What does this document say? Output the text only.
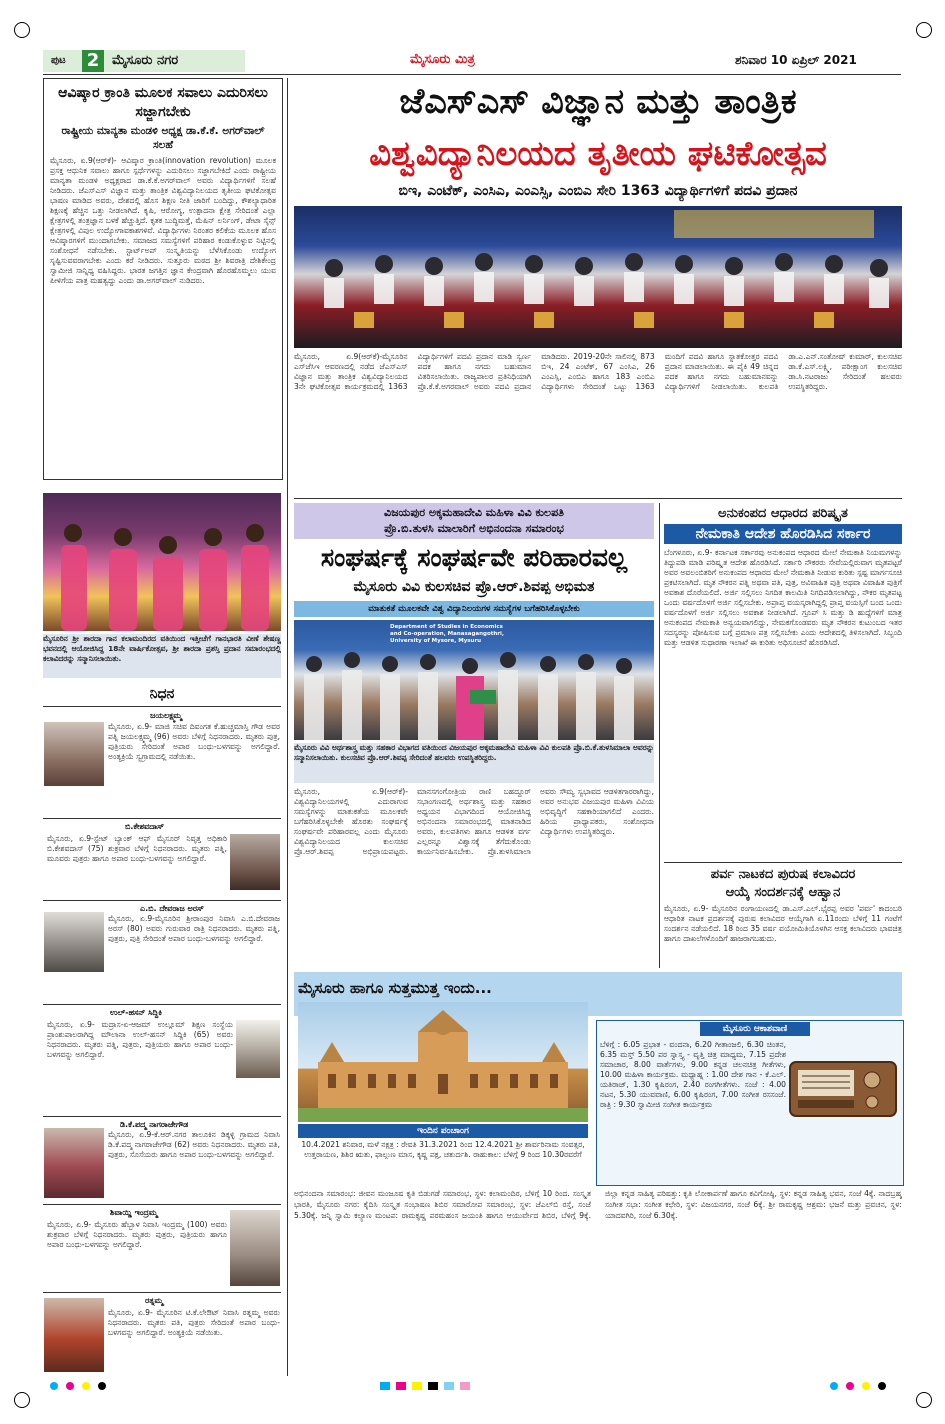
ಪುಟ 2 ಮೈಸೂರು ನಗರ	ಮೈಸೂರು ಮಿತ್ರ	ಶನಿವಾರ 10 ಏಪ್ರಿಲ್ 2021
ಆವಿಷ್ಕಾರ ಕ್ರಾಂತಿ ಮೂಲಕ ಸವಾಲು ಎದುರಿಸಲು ಸಜ್ಜಾಗಬೇಕು
ರಾಷ್ಟ್ರೀಯ ಮಾನ್ಯತಾ ಮಂಡಳಿ ಅಧ್ಯಕ್ಷ ಡಾ.ಕೆ.ಕೆ. ಅಗರ್‌ವಾಲ್ ಸಲಹೆ
ಮೈಸೂರು, ಏ.9(ಆರ್‌ಕೆ)- ಆವಿಷ್ಕಾರ ಕ್ರಾಂತಿ(innovation revolution) ಮೂಲಕ ಪ್ರಸಕ್ತ ಆಧುನಿಕ ಸವಾಲು ಹಾಗೂ ಸ್ಪರ್ಧೆಗಳನ್ನು ಎದುರಿಸಲು ಸಜ್ಜಾಗಬೇಕಿದೆ ಎಂದು ರಾಷ್ಟ್ರೀಯ ಮಾನ್ಯತಾ ಮಂಡಳಿ ಅಧ್ಯಕ್ಷರಾದ ಡಾ.ಕೆ.ಕೆ.ಅಗರ್‌ವಾಲ್ ಅವರು ವಿದ್ಯಾರ್ಥಿಗಳಿಗೆ ಸಲಹೆ ನೀಡಿದರು. ಜೆಎಸ್‌ಎಸ್ ವಿಜ್ಞಾನ ಮತ್ತು ತಾಂತ್ರಿಕ ವಿಶ್ವವಿದ್ಯಾನಿಲಯದ ತೃತೀಯ ಘಟಿಕೋತ್ಸವ ಭಾಷಣ ಮಾಡಿದ ಅವರು, ದೇಶದಲ್ಲಿ ಹೊಸ ಶಿಕ್ಷಣ ನೀತಿ ಜಾರಿಗೆ ಬಂದಿದ್ದು, ಕೌಶಲ್ಯಾಧಾರಿತ ಶಿಕ್ಷಣಕ್ಕೆ ಹೆಚ್ಚಿನ ಒತ್ತು ನೀಡಲಾಗಿದೆ. ಕೃಷಿ, ಆರೋಗ್ಯ, ಉತ್ಪಾದನಾ ಕ್ಷೇತ್ರ ಸೇರಿದಂತೆ ಎಲ್ಲಾ ಕ್ಷೇತ್ರಗಳಲ್ಲಿ ತಂತ್ರಜ್ಞಾನ ಬಳಕೆ ಹೆಚ್ಚುತ್ತಿದೆ. ಕೃತಕ ಬುದ್ಧಿಮತ್ತೆ, ಮೆಷಿನ್ ಲರ್ನಿಂಗ್, ಡೇಟಾ ಸೈನ್ಸ್ ಕ್ಷೇತ್ರಗಳಲ್ಲಿ ವಿಪುಲ ಉದ್ಯೋಗಾವಕಾಶಗಳಿವೆ. ವಿದ್ಯಾರ್ಥಿಗಳು ನಿರಂತರ ಕಲಿಕೆಯ ಮೂಲಕ ಹೊಸ ಆವಿಷ್ಕಾರಗಳಿಗೆ ಮುಂದಾಗಬೇಕು. ಸಮಾಜದ ಸಮಸ್ಯೆಗಳಿಗೆ ಪರಿಹಾರ ಕಂಡುಕೊಳ್ಳುವ ನಿಟ್ಟಿನಲ್ಲಿ ಸಂಶೋಧನೆ ನಡೆಸಬೇಕು. ಸ್ಟಾರ್ಟ್‌ಅಪ್ ಸಂಸ್ಕೃತಿಯನ್ನು ಬೆಳೆಸಿಕೊಂಡು ಉದ್ಯೋಗ ಸೃಷ್ಟಿಸುವವರಾಗಬೇಕು ಎಂದು ಕರೆ ನೀಡಿದರು. ಸುತ್ತೂರು ಮಠದ ಶ್ರೀ ಶಿವರಾತ್ರಿ ದೇಶಿಕೇಂದ್ರ ಸ್ವಾಮೀಜಿ ಸಾನ್ನಿಧ್ಯ ವಹಿಸಿದ್ದರು. ಭಾರತ ಜಗತ್ತಿನ ಜ್ಞಾನ ಕೇಂದ್ರವಾಗಿ ಹೊರಹೊಮ್ಮಲು ಯುವ ಪೀಳಿಗೆಯ ಪಾತ್ರ ಮಹತ್ವದ್ದು ಎಂದು ಡಾ.ಅಗರ್‌ವಾಲ್ ನುಡಿದರು.
ಮೈಸೂರಿನ ಶ್ರೀ ಶಾರದಾ ಗಾನ ಕಲಾಮಂದಿರದ ವತಿಯಿಂದ ಇತ್ತೀಚೆಗೆ ಗಾನಭಾರತಿ ವೀಣೆ ಶೇಷಣ್ಣ ಭವನದಲ್ಲಿ ಆಯೋಜಿಸಿದ್ದ 18ನೇ ವಾರ್ಷಿಕೋತ್ಸವ, ಶ್ರೀ ಶಾರದಾ ಪ್ರಶಸ್ತಿ ಪ್ರದಾನ ಸಮಾರಂಭದಲ್ಲಿ ಕಲಾವಿದರನ್ನು ಸನ್ಮಾನಿಸಲಾಯಿತು.
ನಿಧನ
ಜಯಲಕ್ಷ್ಮಮ್ಮ
ಮೈಸೂರು, ಏ.9- ಮಾಜಿ ಸಚಿವ ದಿವಂಗತ ಕೆ.ಹುಚ್ಚಮಾಸ್ತಿ ಗೌಡ ಅವರ ಪತ್ನಿ ಜಯಲಕ್ಷ್ಮಮ್ಮ (96) ಅವರು ಬೆಳಿಗ್ಗೆ ನಿಧನರಾದರು. ಮೃತರು ಪುತ್ರ, ಪುತ್ರಿಯರು ಸೇರಿದಂತೆ ಅಪಾರ ಬಂಧು-ಬಳಗವನ್ನು ಅಗಲಿದ್ದಾರೆ. ಅಂತ್ಯಕ್ರಿಯೆ ಸ್ವಗ್ರಾಮದಲ್ಲಿ ನಡೆಯಿತು.
ಬಿ.ಕೇಶವದಾಸ್
ಮೈಸೂರು, ಏ.9-ಸ್ಟೇಟ್ ಬ್ಯಾಂಕ್ ಆಫ್ ಮೈಸೂರ್ ನಿವೃತ್ತ ಅಧಿಕಾರಿ ಬಿ.ಕೇಶವದಾಸ್ (75) ಶುಕ್ರವಾರ ಬೆಳಿಗ್ಗೆ ನಿಧನರಾದರು. ಮೃತರು ಪತ್ನಿ, ಮೂವರು ಪುತ್ರರು ಹಾಗೂ ಅಪಾರ ಬಂಧು-ಬಳಗವನ್ನು ಅಗಲಿದ್ದಾರೆ.
ಎ.ಬಿ. ದೇವರಾಜ ಅರಸ್
ಮೈಸೂರು, ಏ.9-ಮೈಸೂರಿನ ಶ್ರೀರಾಂಪುರ ನಿವಾಸಿ ಎ.ಬಿ.ದೇವರಾಜ ಅರಸ್ (80) ಅವರು ಗುರುವಾರ ರಾತ್ರಿ ನಿಧನರಾದರು. ಮೃತರು ಪತ್ನಿ, ಪುತ್ರರು, ಪುತ್ರಿ ಸೇರಿದಂತೆ ಅಪಾರ ಬಂಧು-ಬಳಗವನ್ನು ಅಗಲಿದ್ದಾರೆ.
ಉಲ್-ಹಸನ್ ಸಿದ್ದಿಕಿ
ಮೈಸೂರು, ಏ.9- ಮದ್ರಾಸ-ಏ-ಆಜಮ್ ಉಲ್ಲೂಮ್ ಶಿಕ್ಷಣ ಸಂಸ್ಥೆಯ ಪ್ರಾಂಶುಪಾಲರಾಗಿದ್ದ ಮೌಲಾನಾ ಉಲ್-ಹಸನ್ ಸಿದ್ದಿಕಿ (65) ಅವರು ನಿಧನರಾದರು. ಮೃತರು ಪತ್ನಿ, ಪುತ್ರರು, ಪುತ್ರಿಯರು ಹಾಗೂ ಅಪಾರ ಬಂಧು-ಬಳಗವನ್ನು ಅಗಲಿದ್ದಾರೆ.
ಡಿ.ಕೆ.ಪದ್ಮ ನಾಗರಾಜೇಗೌಡ
ಮೈಸೂರು, ಏ.9-ಕೆ.ಆರ್.ನಗರ ತಾಲೂಕಿನ ಡಿಕ್ಕಳ್ಳಿ ಗ್ರಾಮದ ನಿವಾಸಿ ಡಿ.ಕೆ.ಪದ್ಮ ನಾಗರಾಜೇಗೌಡ (62) ಅವರು ನಿಧನರಾದರು. ಮೃತರು ಪತಿ, ಪುತ್ರರು, ಸೊಸೆಯರು ಹಾಗೂ ಅಪಾರ ಬಂಧು-ಬಳಗವನ್ನು ಅಗಲಿದ್ದಾರೆ.
ಶಿವಾಯ್ಡಿ ಇಂದ್ರಮ್ಮ
ಮೈಸೂರು, ಏ.9- ಮೈಸೂರು ಹೆಬ್ಬಾಳ ನಿವಾಸಿ ಇಂದ್ರಮ್ಮ (100) ಅವರು ಶುಕ್ರವಾರ ಬೆಳಿಗ್ಗೆ ನಿಧನರಾದರು. ಮೃತರು ಪುತ್ರರು, ಪುತ್ರಿಯರು ಹಾಗೂ ಅಪಾರ ಬಂಧು-ಬಳಗವನ್ನು ಅಗಲಿದ್ದಾರೆ.
ರತ್ನಮ್ಮ
ಮೈಸೂರು, ಏ.9- ಮೈಸೂರಿನ ಟಿ.ಕೆ.ಲೇಔಟ್ ನಿವಾಸಿ ರತ್ನಮ್ಮ ಅವರು ನಿಧನರಾದರು. ಮೃತರು ಪತಿ, ಪುತ್ರರು ಸೇರಿದಂತೆ ಅಪಾರ ಬಂಧು-ಬಳಗವನ್ನು ಅಗಲಿದ್ದಾರೆ. ಅಂತ್ಯಕ್ರಿಯೆ ನಡೆಯಿತು.
ಜೆಎಸ್‌ಎಸ್ ವಿಜ್ಞಾನ ಮತ್ತು ತಾಂತ್ರಿಕ
ವಿಶ್ವವಿದ್ಯಾನಿಲಯದ ತೃತೀಯ ಘಟಿಕೋತ್ಸವ
ಬಿಇ, ಎಂಟೆಕ್, ಎಂಸಿಎ, ಎಂಎಸ್ಸಿ, ಎಂಬಿಎ ಸೇರಿ 1363 ವಿದ್ಯಾರ್ಥಿಗಳಿಗೆ ಪದವಿ ಪ್ರದಾನ
ಮೈಸೂರು, ಏ.9(ಆರ್‌ಕೆ)-ಮೈಸೂರಿನ ಎಸ್‌ಜೆಸಿಇ ಆವರಣದಲ್ಲಿ ನಡೆದ ಜೆಎಸ್‌ಎಸ್ ವಿಜ್ಞಾನ ಮತ್ತು ತಾಂತ್ರಿಕ ವಿಶ್ವವಿದ್ಯಾನಿಲಯದ 3ನೇ ಘಟಿಕೋತ್ಸವ ಕಾರ್ಯಕ್ರಮದಲ್ಲಿ 1363 ವಿದ್ಯಾರ್ಥಿಗಳಿಗೆ ಪದವಿ ಪ್ರದಾನ ಮಾಡಿ ಸ್ವರ್ಣ ಪದಕ ಹಾಗೂ ನಗದು ಬಹುಮಾನ ವಿತರಿಸಲಾಯಿತು. ರಾಜ್ಯಪಾಲರ ಪ್ರತಿನಿಧಿಯಾಗಿ ಪ್ರೊ.ಕೆ.ಕೆ.ಅಗರವಾಲ್ ಅವರು ಪದವಿ ಪ್ರದಾನ ಮಾಡಿದರು. 2019-20ನೇ ಸಾಲಿನಲ್ಲಿ 873 ಬಿಇ, 24 ಎಂಟೆಕ್, 67 ಎಂಸಿಎ, 26 ಎಂಎಸ್ಸಿ, ಎಂಬಿಎ ಹಾಗೂ 183 ಎಂಬಿಎ ವಿದ್ಯಾರ್ಥಿಗಳು ಸೇರಿದಂತೆ ಒಟ್ಟು 1363 ಮಂದಿಗೆ ಪದವಿ ಹಾಗೂ ಸ್ನಾತಕೋತ್ತರ ಪದವಿ ಪ್ರದಾನ ಮಾಡಲಾಯಿತು. ಈ ಪೈಕಿ 49 ಚಿನ್ನದ ಪದಕ ಹಾಗೂ ನಗದು ಬಹುಮಾನವನ್ನು ವಿದ್ಯಾರ್ಥಿಗಳಿಗೆ ನೀಡಲಾಯಿತು. ಕುಲಪತಿ ಡಾ.ಎ.ಎನ್.ಸಂತೋಷ್ ಕುಮಾರ್, ಕುಲಸಚಿವ ಡಾ.ಕೆ.ಎಸ್.ಲಕ್ಷ್ಮಿ, ಪರೀಕ್ಷಾಂಗ ಕುಲಸಚಿವ ಡಾ.ಸಿ.ನಟರಾಜು ಸೇರಿದಂತೆ ಹಲವರು ಉಪಸ್ಥಿತರಿದ್ದರು.
ವಿಜಯಪುರ ಅಕ್ಕಮಹಾದೇವಿ ಮಹಿಳಾ ವಿವಿ ಕುಲಪತಿ
ಪ್ರೊ.ಬಿ.ತುಳಸಿ ಮಾಲಾರಿಗೆ ಅಭಿನಂದನಾ ಸಮಾರಂಭ
ಸಂಘರ್ಷಕ್ಕೆ ಸಂಘರ್ಷವೇ ಪರಿಹಾರವಲ್ಲ
ಮೈಸೂರು ವಿವಿ ಕುಲಸಚಿವ ಪ್ರೊ.ಆರ್.ಶಿವಪ್ಪ ಅಭಿಮತ
ಮಾತುಕತೆ ಮೂಲಕವೇ ವಿಶ್ವ ವಿದ್ಯಾನಿಲಯಗಳ ಸಮಸ್ಯೆಗಳ ಬಗೆಹರಿಸಿಕೊಳ್ಳಬೇಕು
Department of Studies in Economics and Co-operation, Manasagangothri, University of Mysore, Mysuru
ಮೈಸೂರು ವಿವಿ ಅರ್ಥಶಾಸ್ತ್ರ ಮತ್ತು ಸಹಕಾರ ವಿಭಾಗದ ವತಿಯಿಂದ ವಿಜಯಪುರ ಅಕ್ಕಮಹಾದೇವಿ ಮಹಿಳಾ ವಿವಿ ಕುಲಪತಿ ಪ್ರೊ.ಬಿ.ಕೆ.ತುಳಸಿಮಾಲಾ ಅವರನ್ನು ಸನ್ಮಾನಿಸಲಾಯಿತು. ಕುಲಸಚಿವ ಪ್ರೊ.ಆರ್.ಶಿವಪ್ಪ ಸೇರಿದಂತೆ ಹಲವರು ಉಪಸ್ಥಿತರಿದ್ದರು.
ಮೈಸೂರು, ಏ.9(ಆರ್‌ಕೆ)- ವಿಶ್ವವಿದ್ಯಾನಿಲಯಗಳಲ್ಲಿ ಎದುರಾಗುವ ಸಮಸ್ಯೆಗಳನ್ನು ಮಾತುಕತೆಯ ಮೂಲಕವೇ ಬಗೆಹರಿಸಿಕೊಳ್ಳಬೇಕೇ ಹೊರತು ಸಂಘರ್ಷಕ್ಕೆ ಸಂಘರ್ಷವೇ ಪರಿಹಾರವಲ್ಲ ಎಂದು ಮೈಸೂರು ವಿಶ್ವವಿದ್ಯಾನಿಲಯದ ಕುಲಸಚಿವ ಪ್ರೊ.ಆರ್.ಶಿವಪ್ಪ ಅಭಿಪ್ರಾಯಪಟ್ಟರು. ಮಾನಸಗಂಗೋತ್ರಿಯ ರಾಣಿ ಬಹದ್ದೂರ್ ಸಭಾಂಗಣದಲ್ಲಿ ಅರ್ಥಶಾಸ್ತ್ರ ಮತ್ತು ಸಹಕಾರ ಅಧ್ಯಯನ ವಿಭಾಗದಿಂದ ಆಯೋಜಿಸಿದ್ದ ಅಭಿನಂದನಾ ಸಮಾರಂಭದಲ್ಲಿ ಮಾತನಾಡಿದ ಅವರು, ಕುಲಪತಿಗಳು ಹಾಗೂ ಆಡಳಿತ ವರ್ಗ ಎಲ್ಲರನ್ನೂ ವಿಶ್ವಾಸಕ್ಕೆ ತೆಗೆದುಕೊಂಡು ಕಾರ್ಯನಿರ್ವಹಿಸಬೇಕು. ಪ್ರೊ.ತುಳಸಿಮಾಲಾ ಅವರು ಸೌಮ್ಯ ಸ್ವಭಾವದ ಆಡಳಿತಗಾರರಾಗಿದ್ದು, ಅವರ ಅನುಭವ ವಿಜಯಪುರ ಮಹಿಳಾ ವಿವಿಯ ಅಭಿವೃದ್ಧಿಗೆ ಸಹಕಾರಿಯಾಗಲಿದೆ ಎಂದರು. ಹಿರಿಯ ಪ್ರಾಧ್ಯಾಪಕರು, ಸಂಶೋಧನಾ ವಿದ್ಯಾರ್ಥಿಗಳು ಉಪಸ್ಥಿತರಿದ್ದರು.
ಅನುಕಂಪದ ಆಧಾರದ ಪರಿಷ್ಕೃತ
ನೇಮಕಾತಿ ಆದೇಶ ಹೊರಡಿಸಿದ ಸರ್ಕಾರ
ಬೆಂಗಳೂರು, ಏ.9- ಕರ್ನಾಟಕ ಸರ್ಕಾರವು ಅನುಕಂಪದ ಆಧಾರದ ಮೇಲೆ ನೇಮಕಾತಿ ನಿಯಮಗಳನ್ನು ತಿದ್ದುಪಡಿ ಮಾಡಿ ಪರಿಷ್ಕೃತ ಆದೇಶ ಹೊರಡಿಸಿದೆ. ಸರ್ಕಾರಿ ನೌಕರರು ಸೇವೆಯಲ್ಲಿರುವಾಗ ಮೃತಪಟ್ಟರೆ ಅವರ ಅವಲಂಬಿತರಿಗೆ ಅನುಕಂಪದ ಆಧಾರದ ಮೇಲೆ ನೇಮಕಾತಿ ನೀಡುವ ಕುರಿತು ಸ್ಪಷ್ಟ ಮಾರ್ಗಸೂಚಿ ಪ್ರಕಟಿಸಲಾಗಿದೆ. ಮೃತ ನೌಕರನ ಪತ್ನಿ ಅಥವಾ ಪತಿ, ಪುತ್ರ, ಅವಿವಾಹಿತ ಪುತ್ರಿ ಅಥವಾ ವಿವಾಹಿತ ಪುತ್ರಿಗೆ ಅವಕಾಶ ದೊರೆಯಲಿದೆ. ಅರ್ಜಿ ಸಲ್ಲಿಸಲು ನಿಗದಿತ ಕಾಲಮಿತಿ ನಿಗದಿಪಡಿಸಲಾಗಿದ್ದು, ನೌಕರ ಮೃತಪಟ್ಟ ಒಂದು ವರ್ಷದೊಳಗೆ ಅರ್ಜಿ ಸಲ್ಲಿಸಬೇಕು. ಅಪ್ರಾಪ್ತ ವಯಸ್ಕರಾಗಿದ್ದಲ್ಲಿ ಪ್ರಾಪ್ತ ವಯಸ್ಸಿಗೆ ಬಂದ ಒಂದು ವರ್ಷದೊಳಗೆ ಅರ್ಜಿ ಸಲ್ಲಿಸಲು ಅವಕಾಶ ನೀಡಲಾಗಿದೆ. ಗ್ರೂಪ್ ಸಿ ಮತ್ತು ಡಿ ಹುದ್ದೆಗಳಿಗೆ ಮಾತ್ರ ಅನುಕಂಪದ ನೇಮಕಾತಿ ಅನ್ವಯವಾಗಲಿದ್ದು, ನೇಮಕಗೊಂಡವರು ಮೃತ ನೌಕರನ ಕುಟುಂಬದ ಇತರ ಸದಸ್ಯರನ್ನು ಪೋಷಿಸುವ ಬಗ್ಗೆ ಪ್ರಮಾಣ ಪತ್ರ ಸಲ್ಲಿಸಬೇಕು ಎಂದು ಆದೇಶದಲ್ಲಿ ತಿಳಿಸಲಾಗಿದೆ. ಸಿಬ್ಬಂದಿ ಮತ್ತು ಆಡಳಿತ ಸುಧಾರಣಾ ಇಲಾಖೆ ಈ ಕುರಿತು ಅಧಿಸೂಚನೆ ಹೊರಡಿಸಿದೆ.
ಪರ್ವ ನಾಟಕದ ಪುರುಷ ಕಲಾವಿದರ
ಆಯ್ಕೆ ಸಂದರ್ಶನಕ್ಕೆ ಆಹ್ವಾನ
ಮೈಸೂರು, ಏ.9- ಮೈಸೂರಿನ ರಂಗಾಯಣದಲ್ಲಿ ಡಾ.ಎಸ್.ಎಲ್.ಭೈರಪ್ಪ ಅವರ 'ಪರ್ವ' ಕಾದಂಬರಿ ಆಧಾರಿತ ನಾಟಕ ಪ್ರದರ್ಶನಕ್ಕೆ ಪುರುಷ ಕಲಾವಿದರ ಆಯ್ಕೆಗಾಗಿ ಏ.11ರಂದು ಬೆಳಿಗ್ಗೆ 11 ಗಂಟೆಗೆ ಸಂದರ್ಶನ ನಡೆಯಲಿದೆ. 18 ರಿಂದ 35 ವರ್ಷ ವಯೋಮಿತಿಯೊಳಗಿನ ಆಸಕ್ತ ಕಲಾವಿದರು ಭಾವಚಿತ್ರ ಹಾಗೂ ದಾಖಲೆಗಳೊಂದಿಗೆ ಹಾಜರಾಗಬಹುದು.
ಮೈಸೂರು ಹಾಗೂ ಸುತ್ತಮುತ್ತ ಇಂದು...
ಇಂದಿನ ಪಂಚಾಂಗ
10.4.2021 ಶನಿವಾರ, ಮಳೆ ನಕ್ಷತ್ರ : ರೇವತಿ 31.3.2021 ರಿಂದ 12.4.2021 ಶ್ರೀ ಶಾರ್ವರಿನಾಮ ಸಂವತ್ಸರ, ಉತ್ತರಾಯಣ, ಶಿಶಿರ ಋತು, ಫಾಲ್ಗುಣ ಮಾಸ, ಕೃಷ್ಣ ಪಕ್ಷ, ಚತುರ್ದಶಿ. ರಾಹುಕಾಲ: ಬೆಳಿಗ್ಗೆ 9 ರಿಂದ 10.30ರವರೆಗೆ
ಮೈಸೂರು ಆಕಾಶವಾಣಿ
ಬೆಳಿಗ್ಗೆ : 6.05 ಪ್ರಭಾತ - ವಂದನಾ, 6.20 ಗೀತಾಂಜಲಿ, 6.30 ಚಿಂತನ, 6.35 ಮಸ್ತ್ 5.50 ಪರ ಸ್ವಾಸ್ತ್ಯ - ವೃತ್ತಿ ಚಿತ್ರ ಮಾಧ್ಯಮ, 7.15 ಪ್ರದೇಶ ಸಮಾಚಾರ, 8.00 ವಾರ್ತೆಗಳು, 9.00 ಕನ್ನಡ ಚಲನಚಿತ್ರ ಗೀತೆಗಳು, 10.00 ಮಹಿಳಾ ಕಾರ್ಯಕ್ರಮ. ಮಧ್ಯಾಹ್ನ : 1.00 ದೇಶ ಗಾನ - ಕೆ.ಎಲ್. ಯತಿರಾಜ್, 1.30 ಕೃಷಿರಂಗ, 2.40 ರಂಗಗೀತೆಗಳು. ಸಂಜೆ : 4.00 ನಟನ, 5.30 ಯುವವಾಣಿ, 6.00 ಕೃಷಿರಂಗ, 7.00 ಸಂಗೀತ ರಸಸಂಜೆ. ರಾತ್ರಿ : 9.30 ಸ್ವಾಮೀಜಿ ಸಂಗೀತ ಕಾರ್ಯಕ್ರಮ
ಅಭಿನಂದನಾ ಸಮಾರಂಭ: ಜೀವನ ಮಂಜೂಷ ಕೃತಿ ಬಿಡುಗಡೆ ಸಮಾರಂಭ, ಸ್ಥಳ: ಕಲಾಮಂದಿರ, ಬೆಳಿಗ್ಗೆ 10 ರಿಂದ. ಸಂಸ್ಕೃತ ಭಾರತಿ, ಮೈಸೂರು ನಗರ: ಕೈದಿಸಿ ಸಂಸ್ಕೃತ ಸಂಭಾಷಣ ಶಿಬಿರ ಸಮಾರೋಪ ಸಮಾರಂಭ, ಸ್ಥಳ: ಜೆಎಲ್‌ಬಿ ರಸ್ತೆ, ಸಂಜೆ 5.30ಕ್ಕೆ. ಜನ್ನಿ ಸ್ವಾಮಿ ಕಲ್ಯಾಣ ಮಂಟಪ: ರಾಮಕೃಷ್ಣ ಪರಮಹಂಸ ಜಯಂತಿ ಹಾಗೂ ಆಯುರ್ವೇದ ಶಿಬಿರ, ಬೆಳಿಗ್ಗೆ 9ಕ್ಕೆ. ಜಿಲ್ಲಾ ಕನ್ನಡ ಸಾಹಿತ್ಯ ಪರಿಷತ್ತು: ಕೃತಿ ಲೋಕಾರ್ಪಣೆ ಹಾಗೂ ಕವಿಗೋಷ್ಠಿ, ಸ್ಥಳ: ಕನ್ನಡ ಸಾಹಿತ್ಯ ಭವನ, ಸಂಜೆ 4ಕ್ಕೆ. ನಾದಬ್ರಹ್ಮ ಸಂಗೀತ ಸಭಾ: ಸಂಗೀತ ಕಛೇರಿ, ಸ್ಥಳ: ವಿಜಯನಗರ, ಸಂಜೆ 6ಕ್ಕೆ. ಶ್ರೀ ರಾಮಕೃಷ್ಣ ಆಶ್ರಮ: ಭಜನೆ ಮತ್ತು ಪ್ರವಚನ, ಸ್ಥಳ: ಯಾದವಗಿರಿ, ಸಂಜೆ 6.30ಕ್ಕೆ.
